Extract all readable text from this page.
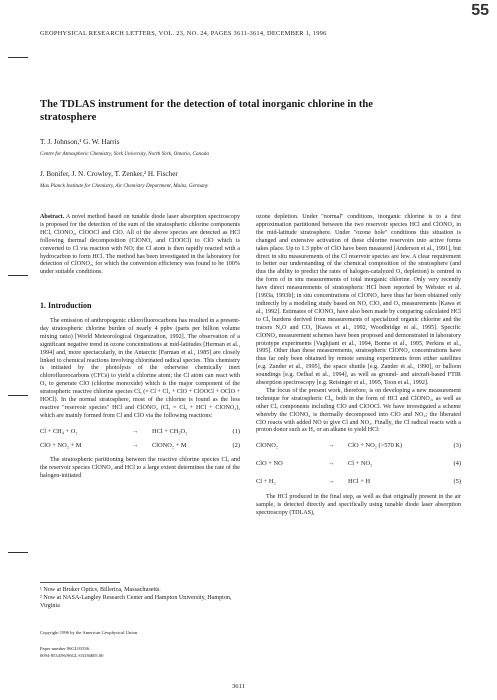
GEOPHYSICAL RESEARCH LETTERS, VOL. 23, NO. 24, PAGES 3611-3614, DECEMBER 1, 1996
55
The TDLAS instrument for the detection of total inorganic chlorine in the stratosphere
T. J. Johnson,¹ G. W. Harris
Centre for Atmospheric Chemistry, York University, North York, Ontario, Canada
J. Bonifer, J. N. Crowley, T. Zenker,² H. Fischer
Max Planck Institute for Chemistry, Air Chemistry Department, Mainz, Germany
Abstract. A novel method based on tunable diode laser absorption spectroscopy is proposed for the detection of the sum of the stratospheric chlorine components HCl, ClONO₂, ClOOCl and ClO. All of the above species are detected as HCl following thermal decomposition (ClONO₂ and ClOOCl) to ClO which is converted to Cl via reaction with NO; the Cl atom is then rapidly reacted with a hydrocarbon to form HCl. The method has been investigated in the laboratory for detection of ClONO₂, for which the conversion efficiency was found to be 100% under suitable conditions.
1. Introduction
The emission of anthropogenic chlorofluorocarbons has resulted in a present-day stratospheric chlorine burden of nearly 4 ppbv (parts per billion volume mixing ratio) [World Meteorological Organization, 1992]. The observation of a significant negative trend in ozone concentrations at mid-latitudes [Herman et al., 1994] and, more spectacularly, in the Antarctic [Farman et al., 1985] are closely linked to chemical reactions involving chlorinated radical species. This chemistry is initiated by the photolysis of the otherwise chemically inert chlorofluorocarbons (CFCs) to yield a chlorine atom; the Cl atom can react with O₃ to generate ClO (chlorine monoxide) which is the major component of the stratospheric reactive chlorine species Clₓ (= Cl + Cl₂ + ClO + ClOOCl + OClO + HOCl). In the normal stratosphere, most of the chlorine is found as the less reactive "reservoir species" HCl and ClONO₂ (Clᵧ = Clₓ + HCl + ClONO₂), which are mainly formed from Cl and ClO via the following reactions:
Cl + CH₄ + O₂	→ HCl + CH₃O₂	(1)
ClO + NO₂ + M	→ ClONO₂ + M	(2)
The stratospheric partitioning between the reactive chlorine species Clₓ and the reservoir species ClONO₂ and HCl to a large extent determines the rate of the halogen-initiated
¹ Now at Bruker Optics, Billerica, Massachusetts.
² Now at NASA-Langley Research Center and Hampton University, Hampton, Virginia
Copyright 1996 by the American Geophysical Union.
Paper number 96GL03336.
0094-8534/96/96GL-03336$05.00
ozone depletion. Under "normal" conditions, inorganic chlorine is to a first approximation partitioned between the two reservoir species HCl and ClONO₂ in the mid-latitude stratosphere. Under "ozone hole" conditions this situation is changed and extensive activation of these chlorine reservoirs into active forms takes place. Up to 1.3 ppbv of ClO have been measured [Anderson et al., 1991], but direct in situ measurements of the Cl reservoir species are few. A clear requirement to better our understanding of the chemical composition of the stratosphere (and thus the ability to predict the rates of halogen-catalyzed O₃ depletion) is centred in the form of in situ measurements of total inorganic chlorine. Only very recently have direct measurements of stratospheric HCl been reported by Webster et al. [1993a, 1993b]; in situ concentrations of ClONO₂ have thus far been obtained only indirectly by a modeling study based on NO, ClO, and O₃ measurements [Kawa et al., 1992]. Estimates of ClONO₂ have also been made by comparing calculated HCl to Clᵧ burdens derived from measurements of specialized organic chlorine and the tracers N₂O and CO₂ [Kawa et al., 1992, Woodbridge et al., 1995]. Specific ClONO₂ measurement schemes have been proposed and demonstrated in laboratory prototype experiments [Vaghjiani et al., 1994, Bonne et al., 1995, Perkins et al., 1995]. Other than these measurements, stratospheric ClONO₂ concentrations have thus far only been obtained by remote sensing experiments from either satellites [e.g. Zander et al., 1995], the space shuttle [e.g. Zander et al., 1990], or balloon soundings [e.g. Oelhaf et al., 1994], as well as ground- and aircraft-based FTIR absorption spectroscopy [e.g. Reisinger et al., 1995, Toon et al., 1992].
The focus of the present work, therefore, is on developing a new measurement technique for stratospheric Clᵧ, both in the form of HCl and ClONO₂, as well as other Clₓ components including ClO and ClOOCl. We have investigated a scheme whereby the ClONO₂ is thermally decomposed into ClO and NO₂; the liberated ClO reacts with added NO to give Cl and NO₂. Finally, the Cl radical reacts with a proton donor such as H₂ or an alkane to yield HCl:
ClONO₂	→ ClO + NO₂ (>570 K)	(3)
ClO + NO	→ Cl + NO₂	(4)
Cl + H₂	→ HCl + H	(5)
The HCl produced in the final step, as well as that originally present in the air sample, is detected directly and specifically using tunable diode laser absorption spectroscopy (TDLAS),
3611
